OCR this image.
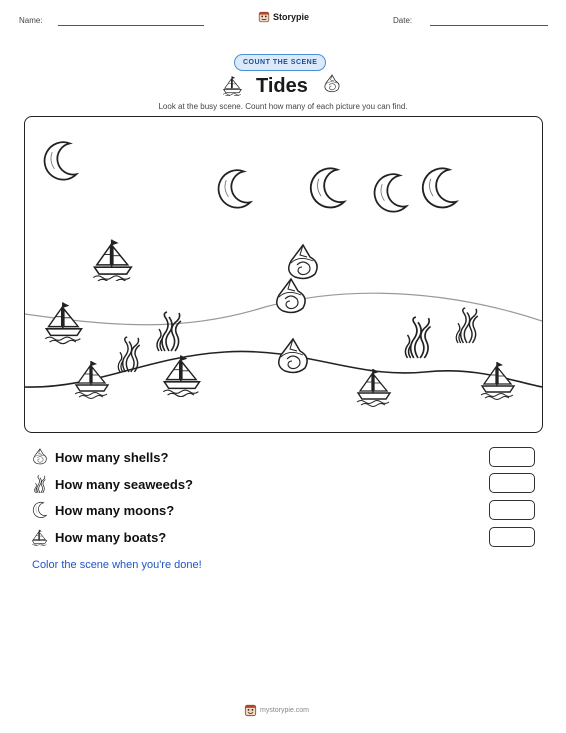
Name:	Storypie	Date:
COUNT THE SCENE
Tides
Look at the busy scene. Count how many of each picture you can find.
How many shells?
How many seaweeds?
How many moons?
How many boats?
Color the scene when you're done!
mystorypie.com
